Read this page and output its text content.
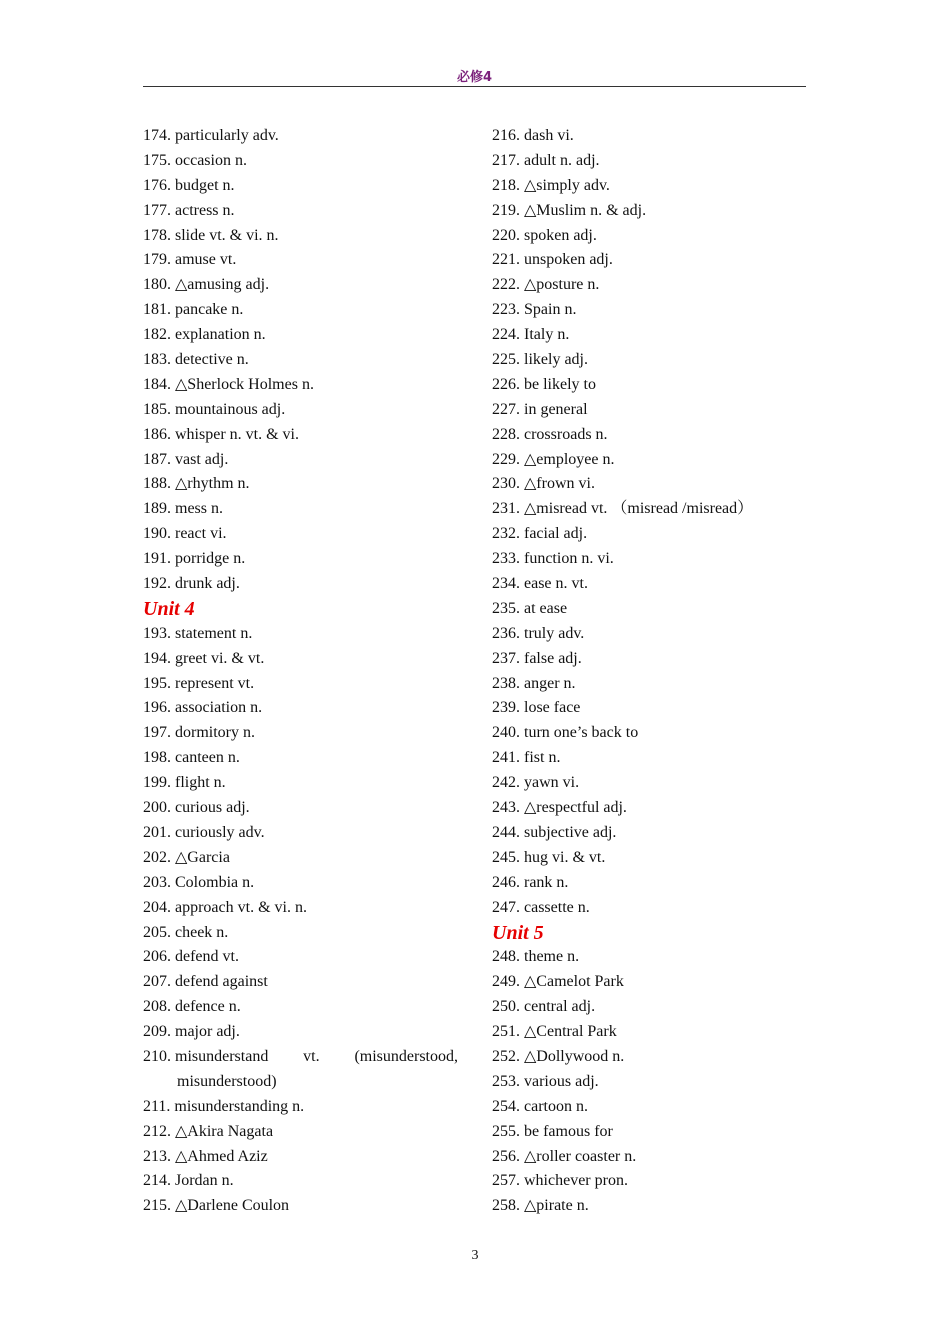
必修4
174. particularly adv.
175. occasion n.
176. budget n.
177. actress n.
178. slide vt. & vi. n.
179. amuse vt.
180. △amusing adj.
181. pancake n.
182. explanation n.
183. detective n.
184. △Sherlock Holmes n.
185. mountainous adj.
186. whisper n. vt. & vi.
187. vast adj.
188. △rhythm n.
189. mess n.
190. react vi.
191. porridge n.
192. drunk adj.
Unit 4
193. statement n.
194. greet vi. & vt.
195. represent vt.
196. association n.
197. dormitory n.
198. canteen n.
199. flight n.
200. curious adj.
201. curiously adv.
202. △Garcia
203. Colombia n.
204. approach vt. & vi. n.
205. cheek n.
206. defend vt.
207. defend against
208. defence n.
209. major adj.
210. misunderstand vt. (misunderstood,
misunderstood)
211. misunderstanding n.
212. △Akira Nagata
213. △Ahmed Aziz
214. Jordan n.
215. △Darlene Coulon
216. dash vi.
217. adult n. adj.
218. △simply adv.
219. △Muslim n. & adj.
220. spoken adj.
221. unspoken adj.
222. △posture n.
223. Spain n.
224. Italy n.
225. likely adj.
226. be likely to
227. in general
228. crossroads n.
229. △employee n.
230. △frown vi.
231. △misread vt. （misread /misread）
232. facial adj.
233. function n. vi.
234. ease n. vt.
235. at ease
236. truly adv.
237. false adj.
238. anger n.
239. lose face
240. turn one’s back to
241. fist n.
242. yawn vi.
243. △respectful adj.
244. subjective adj.
245. hug vi. & vt.
246. rank n.
247. cassette n.
Unit 5
248. theme n.
249. △Camelot Park
250. central adj.
251. △Central Park
252. △Dollywood n.
253. various adj.
254. cartoon n.
255. be famous for
256. △roller coaster n.
257. whichever pron.
258. △pirate n.
3
